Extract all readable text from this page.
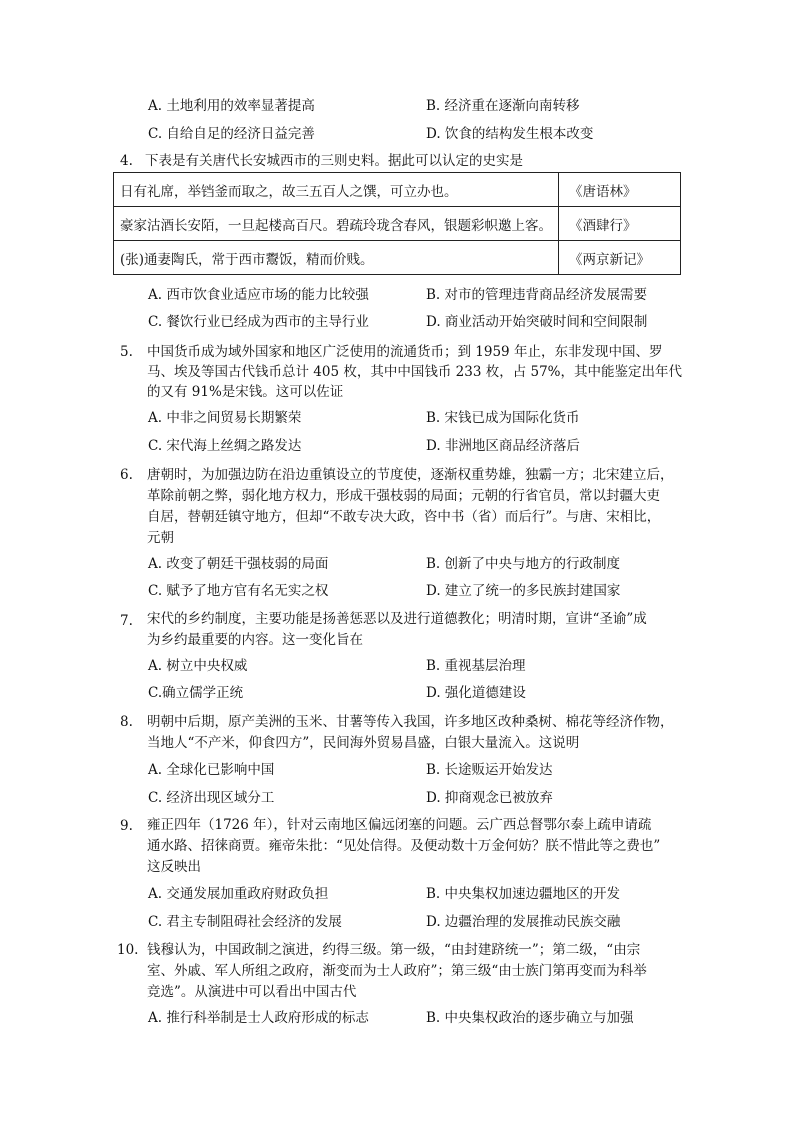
A. 土地利用的效率显著提高	B. 经济重在逐渐向南转移
C. 自给自足的经济日益完善	D. 饮食的结构发生根本改变
4. 下表是有关唐代长安城西市的三则史料。据此可以认定的史实是
日有礼席，举铛釜而取之，故三五百人之馔，可立办也。	《唐语林》
豪家沽酒长安陌，一旦起楼高百尺。碧疏玲珑含春风，银题彩帜邀上客。	《酒肆行》
(张)通妻陶氏，常于西市鬻饭，精而价贱。	《两京新记》
A. 西市饮食业适应市场的能力比较强	B. 对市的管理违背商品经济发展需要
C. 餐饮行业已经成为西市的主导行业	D. 商业活动开始突破时间和空间限制
5. 中国货币成为域外国家和地区广泛使用的流通货币；到 1959 年止，东非发现中国、罗
马、埃及等国古代钱币总计 405 枚，其中中国钱币 233 枚，占 57%，其中能鉴定出年代
的又有 91%是宋钱。这可以佐证
A. 中非之间贸易长期繁荣	B. 宋钱已成为国际化货币
C. 宋代海上丝绸之路发达	D. 非洲地区商品经济落后
6. 唐朝时，为加强边防在沿边重镇设立的节度使，逐渐权重势雄，独霸一方；北宋建立后，
革除前朝之弊，弱化地方权力，形成干强枝弱的局面；元朝的行省官员，常以封疆大吏
自居，替朝廷镇守地方，但却“不敢专决大政，咨中书（省）而后行”。与唐、宋相比，
元朝
A. 改变了朝廷干强枝弱的局面	B. 创新了中央与地方的行政制度
C. 赋予了地方官有名无实之权	D. 建立了统一的多民族封建国家
7. 宋代的乡约制度，主要功能是扬善惩恶以及进行道德教化；明清时期，宣讲“圣谕”成
为乡约最重要的内容。这一变化旨在
A. 树立中央权威	B. 重视基层治理
C.确立儒学正统	D. 强化道德建设
8. 明朝中后期，原产美洲的玉米、甘薯等传入我国，许多地区改种桑树、棉花等经济作物，
当地人“不产米，仰食四方”，民间海外贸易昌盛，白银大量流入。这说明
A. 全球化已影响中国	B. 长途贩运开始发达
C. 经济出现区域分工	D. 抑商观念已被放弃
9. 雍正四年（1726 年），针对云南地区偏远闭塞的问题。云广西总督鄂尔泰上疏申请疏
通水路、招徕商贾。雍帝朱批：“见处信得。及便动数十万金何妨？朕不惜此等之费也”
这反映出
A. 交通发展加重政府财政负担	B. 中央集权加速边疆地区的开发
C. 君主专制阻碍社会经济的发展	D. 边疆治理的发展推动民族交融
10. 钱穆认为，中国政制之演进，约得三级。第一级，“由封建跻统一”；第二级，“由宗
室、外戚、军人所组之政府，渐变而为士人政府”；第三级“由士族门第再变而为科举
竞选”。从演进中可以看出中国古代
A. 推行科举制是士人政府形成的标志	B. 中央集权政治的逐步确立与加强
